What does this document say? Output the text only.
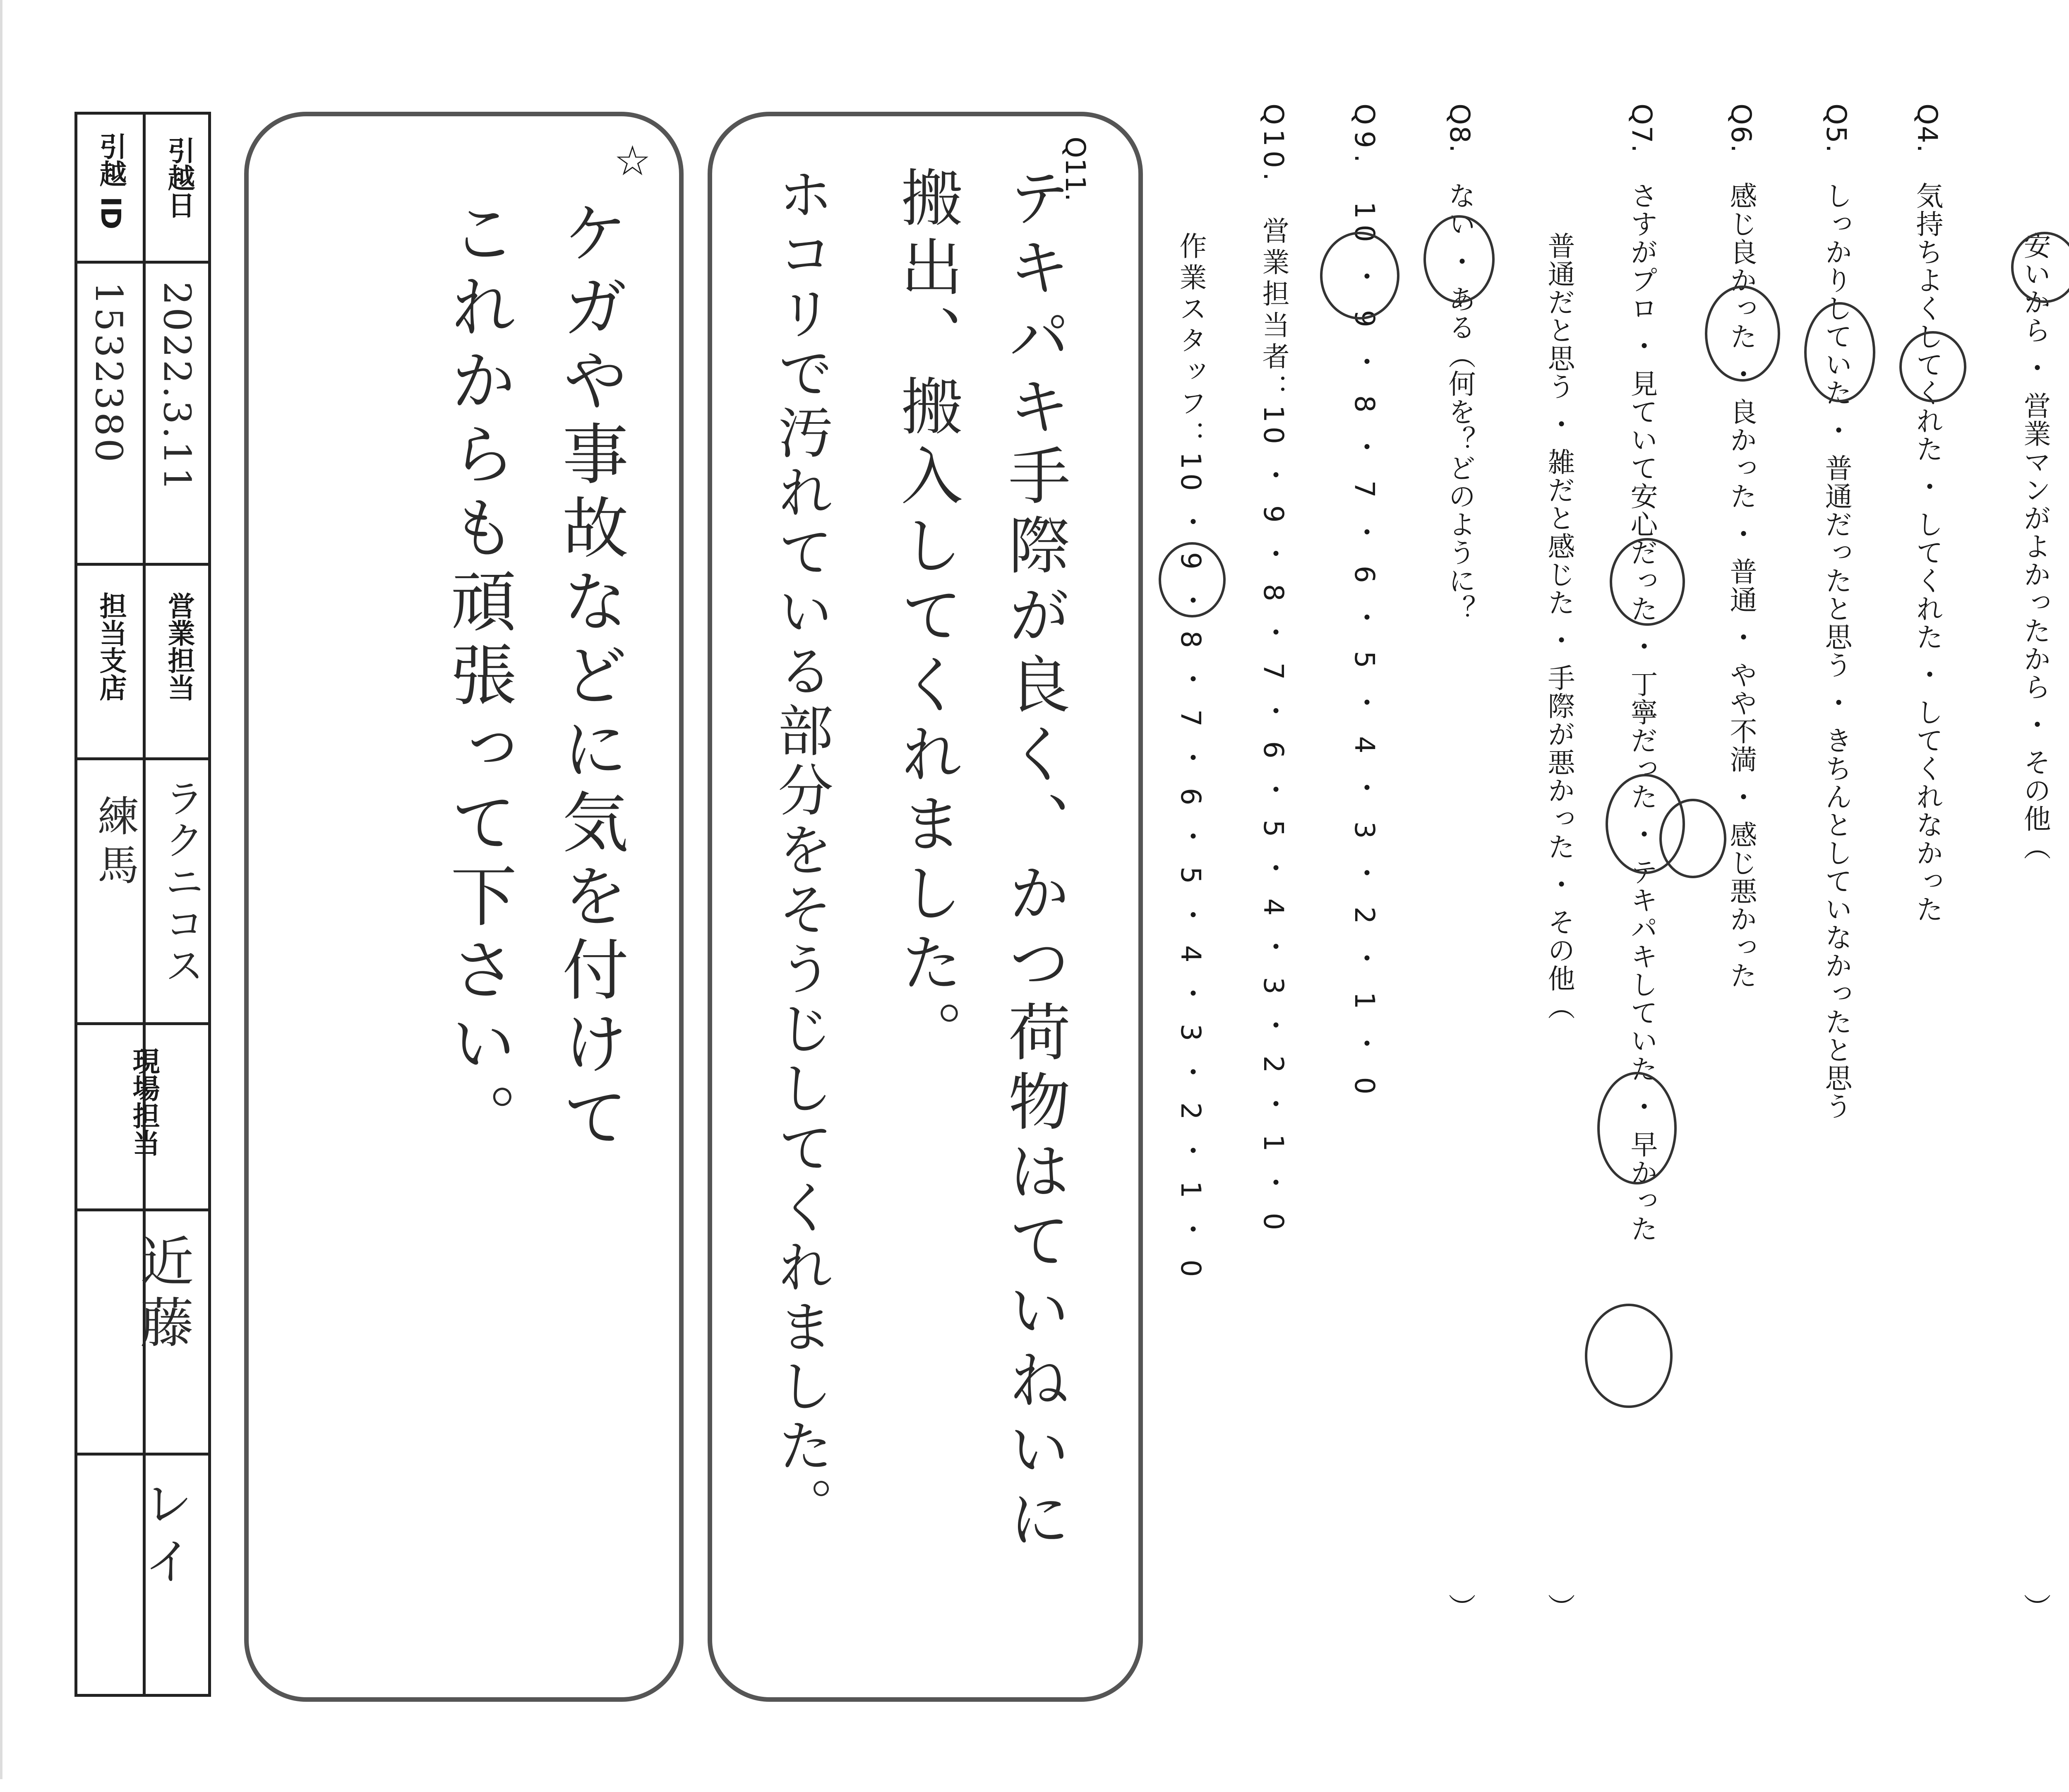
安いから ・ 営業マンがよかったから ・ その他（
）
Q4.　気持ちよくしてくれた ・ してくれた ・ してくれなかった
Q5.　しっかりしていた ・ 普通だったと思う ・ きちんとしていなかったと思う
Q6.　感じ良かった ・ 良かった ・ 普通 ・ やや不満 ・ 感じ悪かった
Q7.　さすがプロ ・ 見ていて安心だった ・ 丁寧だった ・ テキパキしていた ・ 早かった
普通だと思う ・ 雑だと感じた ・ 手際が悪かった ・ その他（
）
Q8.　ない ・ ある（何を？どのように？
）
Q9.　10 ・ 9 ・ 8 ・ 7 ・ 6 ・ 5 ・ 4 ・ 3 ・ 2 ・ 1 ・ 0
Q10.　営業担当者：10 ・ 9 ・ 8 ・ 7 ・ 6 ・ 5 ・ 4 ・ 3 ・ 2 ・ 1 ・ 0
作業スタッフ：10 ・ 9 ・ 8 ・ 7 ・ 6 ・ 5 ・ 4 ・ 3 ・ 2 ・ 1 ・ 0
Q11.
テキパキ手際が良く、かつ荷物はていねいに
搬出、搬入してくれました。
ホコリで汚れている部分をそうじしてくれました。
☆
ケガや事故などに気を付けて
これからも頑張って下さい。
引越日
2022.3.11
引越 ID
1532380
営業担当
ラクニコス
担当支店
練馬
現場担当
近藤
レイ
